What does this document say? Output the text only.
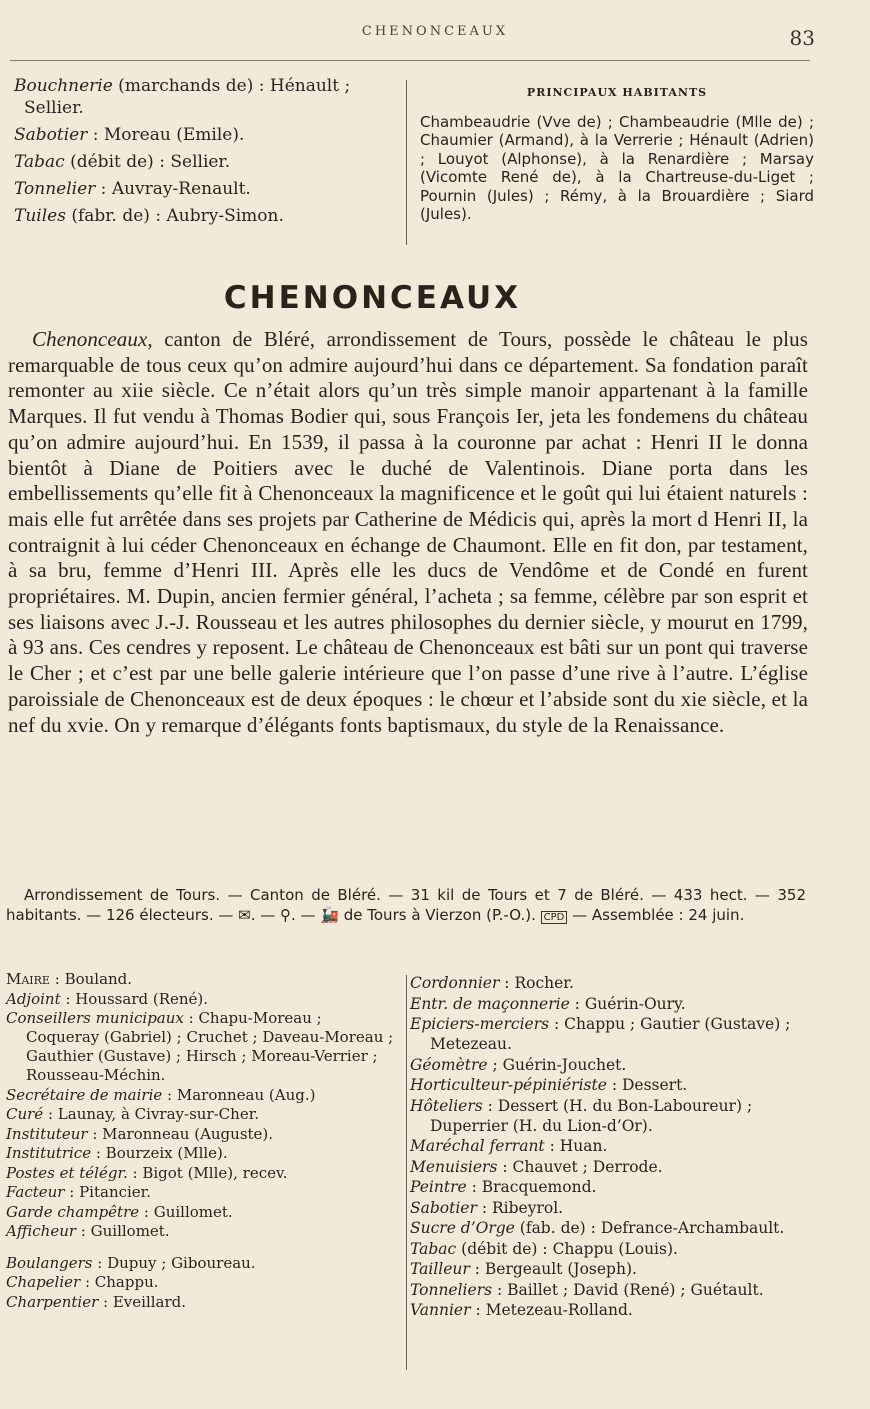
CHENONCEAUX	83
Bouchnerie (marchands de) : Hénault ; Sellier.
Sabotier : Moreau (Emile).
Tabac (débit de) : Sellier.
Tonnelier : Auvray-Renault.
Tuiles (fabr. de) : Aubry-Simon.
PRINCIPAUX HABITANTS
Chambeaudrie (Vve de) ; Chambeaudrie (Mlle de) ; Chaumier (Armand), à la Verrerie ; Hénault (Adrien) ; Louyot (Alphonse), à la Renardière ; Marsay (Vicomte René de), à la Chartreuse-du-Liget ; Pournin (Jules) ; Rémy, à la Brouardière ; Siard (Jules).
CHENONCEAUX
Chenonceaux, canton de Bléré, arrondissement de Tours, possède le château le plus remarquable de tous ceux qu’on admire aujourd’hui dans ce département. Sa fondation paraît remonter au xiie siècle. Ce n’était alors qu’un très simple manoir appartenant à la famille Marques. Il fut vendu à Thomas Bodier qui, sous François Ier, jeta les fondemens du château qu’on admire aujourd’hui. En 1539, il passa à la couronne par achat : Henri II le donna bientôt à Diane de Poitiers avec le duché de Valentinois. Diane porta dans les embellissements qu’elle fit à Chenonceaux la magnificence et le goût qui lui étaient naturels : mais elle fut arrêtée dans ses projets par Catherine de Médicis qui, après la mort d Henri II, la contraignit à lui céder Chenonceaux en échange de Chaumont. Elle en fit don, par testament, à sa bru, femme d’Henri III. Après elle les ducs de Vendôme et de Condé en furent propriétaires. M. Dupin, ancien fermier général, l’acheta ; sa femme, célèbre par son esprit et ses liaisons avec J.-J. Rousseau et les autres philosophes du dernier siècle, y mourut en 1799, à 93 ans. Ces cendres y reposent. Le château de Chenonceaux est bâti sur un pont qui traverse le Cher ; et c’est par une belle galerie intérieure que l’on passe d’une rive à l’autre. L’église paroissiale de Chenonceaux est de deux époques : le chœur et l’abside sont du xie siècle, et la nef du xvie. On y remarque d’élégants fonts baptismaux, du style de la Renaissance.
Arrondissement de Tours. — Canton de Bléré. — 31 kil de Tours et 7 de Bléré. — 433 hect. — 352 habitants. — 126 électeurs. — ✉. — ⚲. — 🚂 de Tours à Vierzon (P.-O.). CPD — Assemblée : 24 juin.
Maire : Bouland.
Adjoint : Houssard (René).
Conseillers municipaux : Chapu-Moreau ; Coqueray (Gabriel) ; Cruchet ; Daveau-Moreau ; Gauthier (Gustave) ; Hirsch ; Moreau-Verrier ; Rousseau-Méchin.
Secrétaire de mairie : Maronneau (Aug.)
Curé : Launay, à Civray-sur-Cher.
Instituteur : Maronneau (Auguste).
Institutrice : Bourzeix (Mlle).
Postes et télégr. : Bigot (Mlle), recev.
Facteur : Pitancier.
Garde champêtre : Guillomet.
Afficheur : Guillomet.
Boulangers : Dupuy ; Giboureau.
Chapelier : Chappu.
Charpentier : Eveillard.
Cordonnier : Rocher.
Entr. de maçonnerie : Guérin-Oury.
Epiciers-merciers : Chappu ; Gautier (Gustave) ; Metezeau.
Géomètre ; Guérin-Jouchet.
Horticulteur-pépiniériste : Dessert.
Hôteliers : Dessert (H. du Bon-Laboureur) ; Duperrier (H. du Lion-d’Or).
Maréchal ferrant : Huan.
Menuisiers : Chauvet ; Derrode.
Peintre : Bracquemond.
Sabotier : Ribeyrol.
Sucre d’Orge (fab. de) : Defrance-Archambault.
Tabac (débit de) : Chappu (Louis).
Tailleur : Bergeault (Joseph).
Tonneliers : Baillet ; David (René) ; Guétault.
Vannier : Metezeau-Rolland.
